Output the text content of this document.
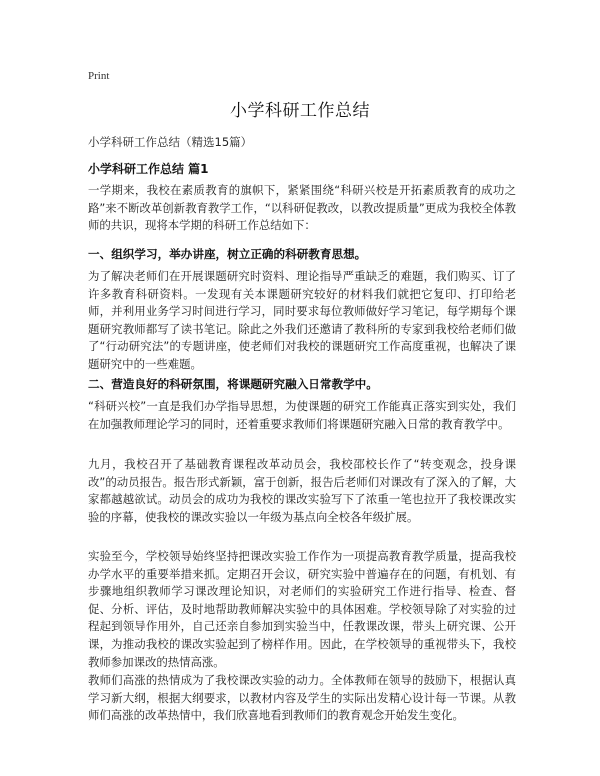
Print
小学科研工作总结
小学科研工作总结（精选15篇）
小学科研工作总结 篇1

一学期来，我校在素质教育的旗帜下，紧紧围绕“科研兴校是开拓素质教育的成功之路”来不断改革创新教育教学工作，“以科研促教改，以教改提质量”更成为我校全体教师的共识，现将本学期的科研工作总结如下：

一、组织学习，举办讲座，树立正确的科研教育思想。

为了解决老师们在开展课题研究时资料、理论指导严重缺乏的难题，我们购买、订了许多教育科研资料。一发现有关本课题研究较好的材料我们就把它复印、打印给老师，并利用业务学习时间进行学习，同时要求每位教师做好学习笔记，每学期每个课题研究教师都写了读书笔记。除此之外我们还邀请了教科所的专家到我校给老师们做了“行动研究法”的专题讲座，使老师们对我校的课题研究工作高度重视，也解决了课题研究中的一些难题。

二、营造良好的科研氛围，将课题研究融入日常教学中。

“科研兴校”一直是我们办学指导思想，为使课题的研究工作能真正落实到实处，我们在加强教师理论学习的同时，还着重要求教师们将课题研究融入日常的教育教学中。

九月，我校召开了基础教育课程改革动员会，我校邵校长作了“转变观念，投身课改”的动员报告。报告形式新颖，富于创新，报告后老师们对课改有了深入的了解，大家都越越欲试。动员会的成功为我校的课改实验写下了浓重一笔也拉开了我校课改实验的序幕，使我校的课改实验以一年级为基点向全校各年级扩展。

实验至今，学校领导始终坚持把课改实验工作作为一项提高教育教学质量，提高我校办学水平的重要举措来抓。定期召开会议，研究实验中普遍存在的问题，有机划、有步骤地组织教师学习课改理论知识，对老师们的实验研究工作进行指导、检查、督促、分析、评估，及时地帮助教师解决实验中的具体困难。学校领导除了对实验的过程起到领导作用外，自己还亲自参加到实验当中，任教课改课，带头上研究课、公开课，为推动我校的课改实验起到了榜样作用。因此，在学校领导的重视带头下，我校教师参加课改的热情高涨。

教师们高涨的热情成为了我校课改实验的动力。全体教师在领导的鼓励下，根据认真学习新大纲，根据大纲要求，以教材内容及学生的实际出发精心设计每一节课。从教师们高涨的改革热情中，我们欣喜地看到教师们的教育观念开始发生变化。
